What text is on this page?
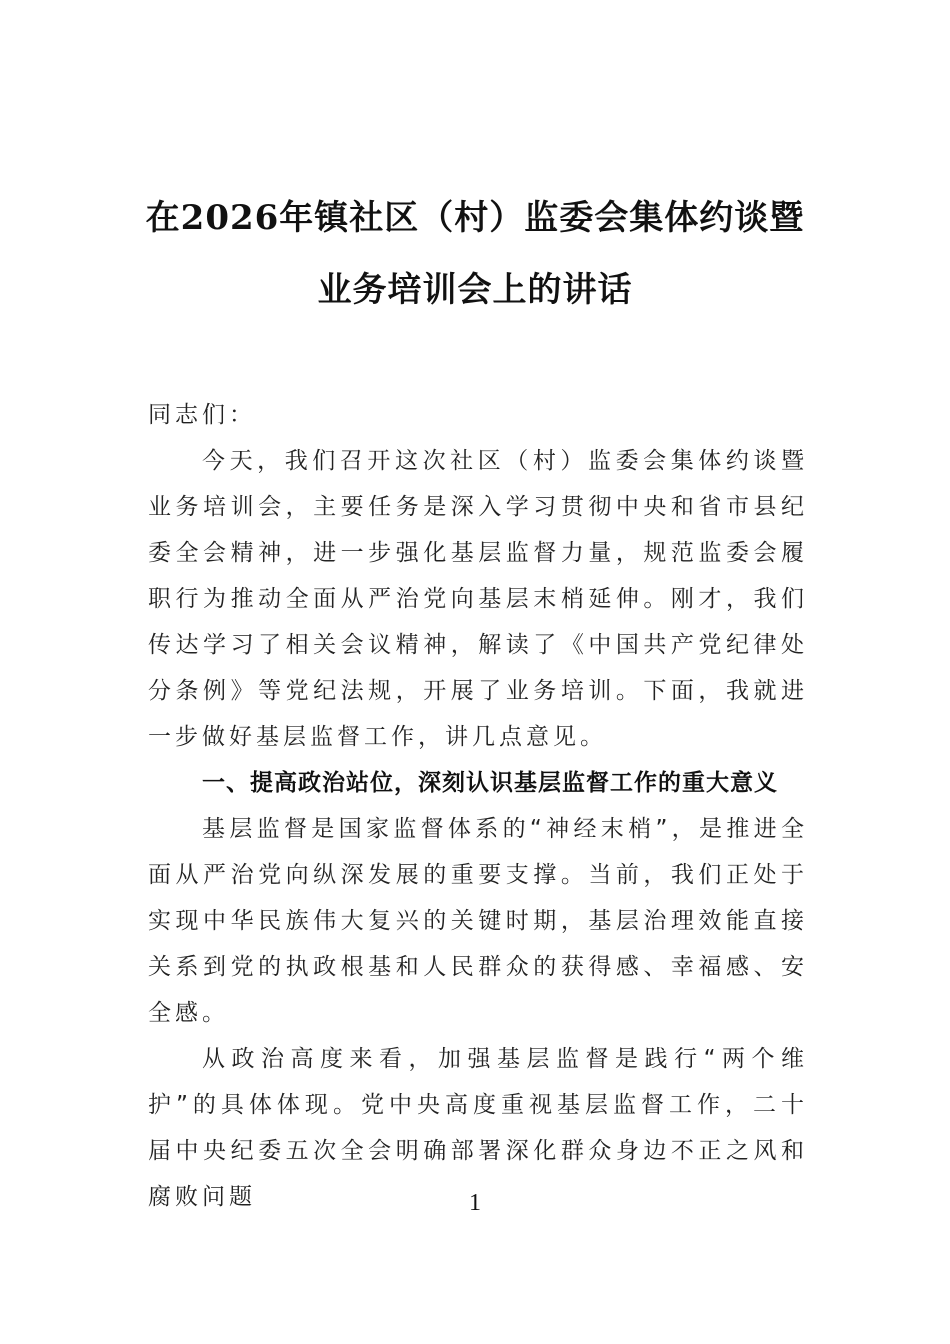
在2026年镇社区（村）监委会集体约谈暨
业务培训会上的讲话

同志们：

今天，我们召开这次社区（村）监委会集体约谈暨业务培训会，主要任务是深入学习贯彻中央和省市县纪委全会精神，进一步强化基层监督力量，规范监委会履职行为推动全面从严治党向基层末梢延伸。刚才，我们传达学习了相关会议精神，解读了《中国共产党纪律处分条例》等党纪法规，开展了业务培训。下面，我就进一步做好基层监督工作，讲几点意见。

一、提高政治站位，深刻认识基层监督工作的重大意义

基层监督是国家监督体系的“神经末梢”，是推进全面从严治党向纵深发展的重要支撑。当前，我们正处于实现中华民族伟大复兴的关键时期，基层治理效能直接关系到党的执政根基和人民群众的获得感、幸福感、安全感。

从政治高度来看，加强基层监督是践行“两个维护”的具体体现。党中央高度重视基层监督工作，二十届中央纪委五次全会明确部署深化群众身边不正之风和腐败问题	1
